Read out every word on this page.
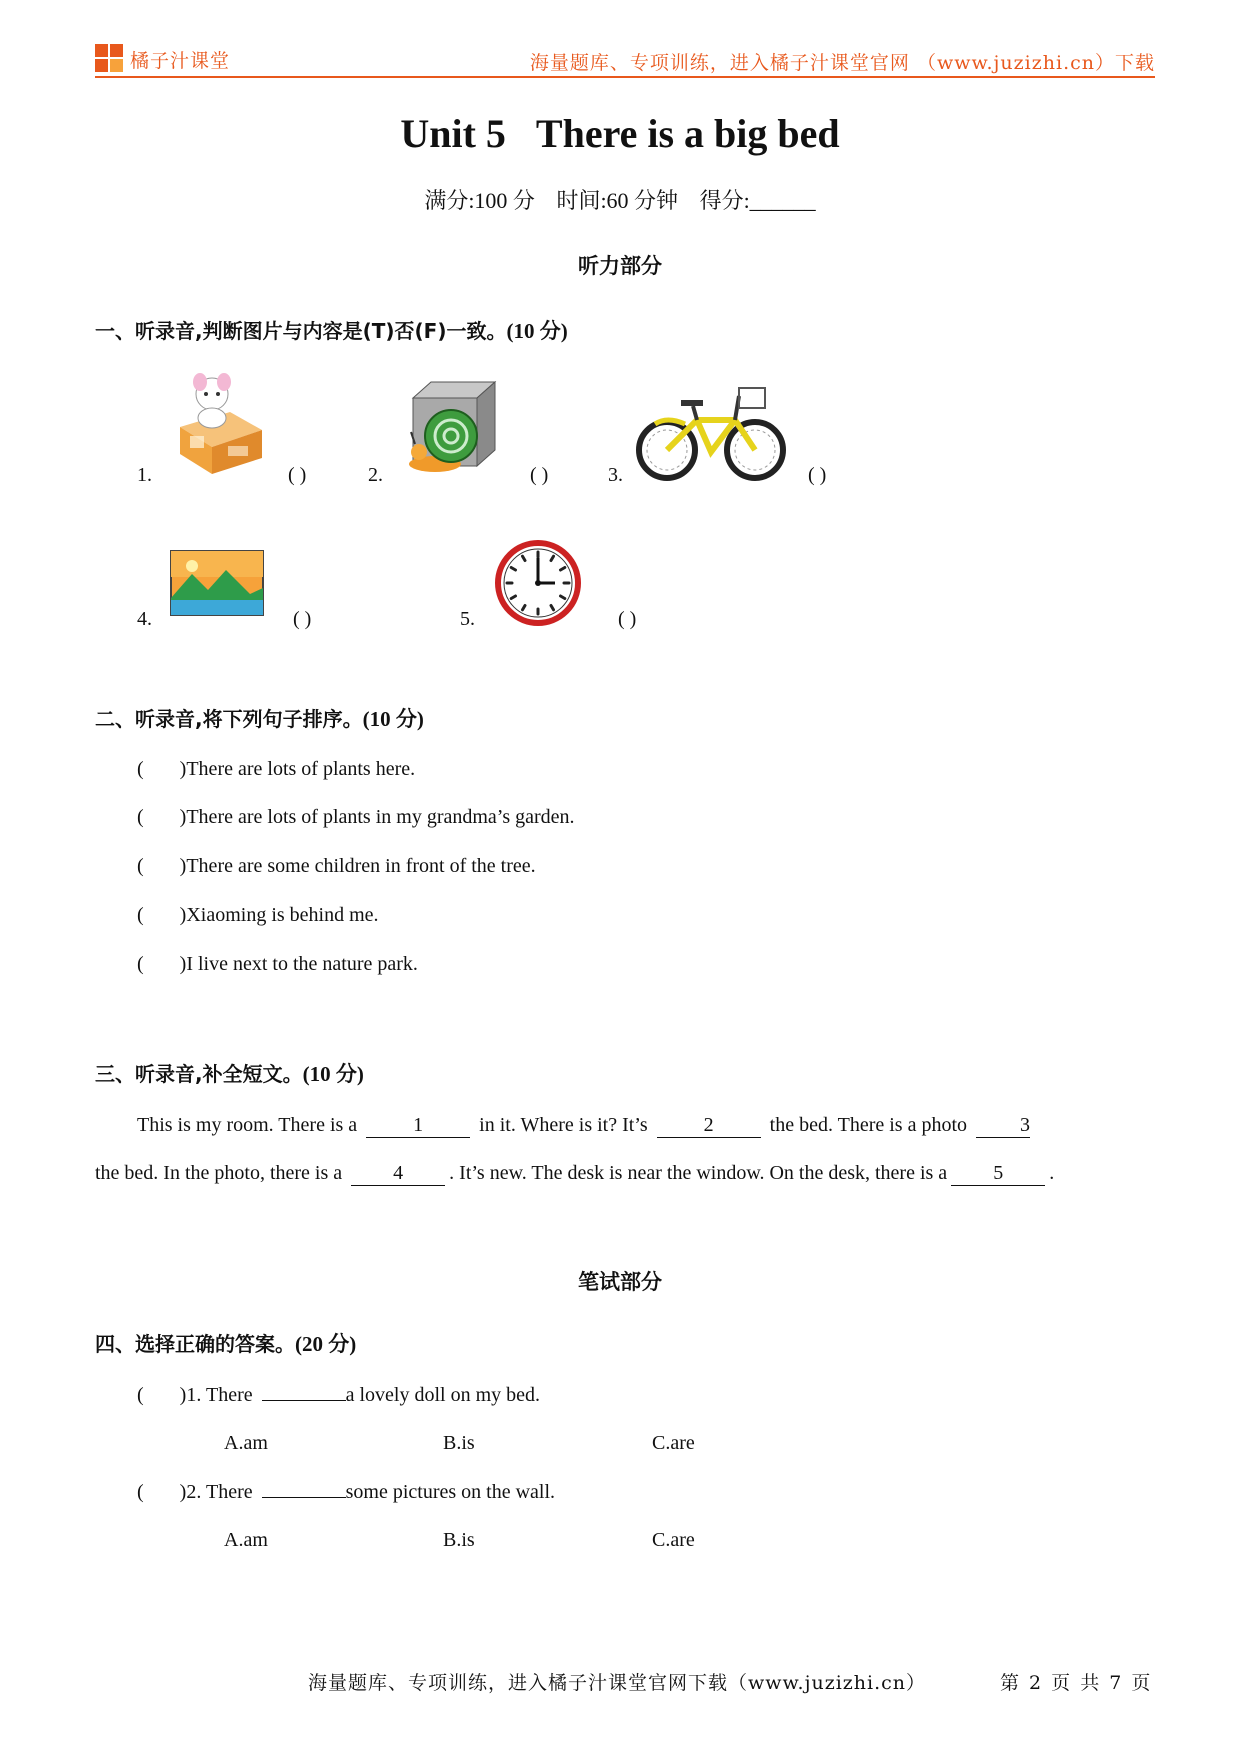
橘子汁课堂	海量题库、专项训练，进入橘子汁课堂官网 （www.juzizhi.cn）下载
Unit 5 There is a big bed
满分:100 分 时间:60 分钟 得分:______
听力部分
一、听录音,判断图片与内容是(T)否(F)一致。(10 分)
1.	( )	2.	( )	3.	( )
4.	( )	5.	( )
二、听录音,将下列句子排序。(10 分)
( )There are lots of plants here.
( )There are lots of plants in my grandma’s garden.
( )There are some children in front of the tree.
( )Xiaoming is behind me.
( )I live next to the nature park.
三、听录音,补全短文。(10 分)
This is my room. There is a	1	in it. Where is it? It’s	2	the bed. There is a photo	3
the bed. In the photo, there is a	4 . It’s new. The desk is near the window. On the desk, there is a 5 .
笔试部分
四、选择正确的答案。(20 分)
( )1. There	a lovely doll on my bed.
A.am	B.is	C.are
( )2. There	some pictures on the wall.
A.am	B.is	C.are
海量题库、专项训练，进入橘子汁课堂官网下载（www.juzizhi.cn）	第 2 页 共 7 页
